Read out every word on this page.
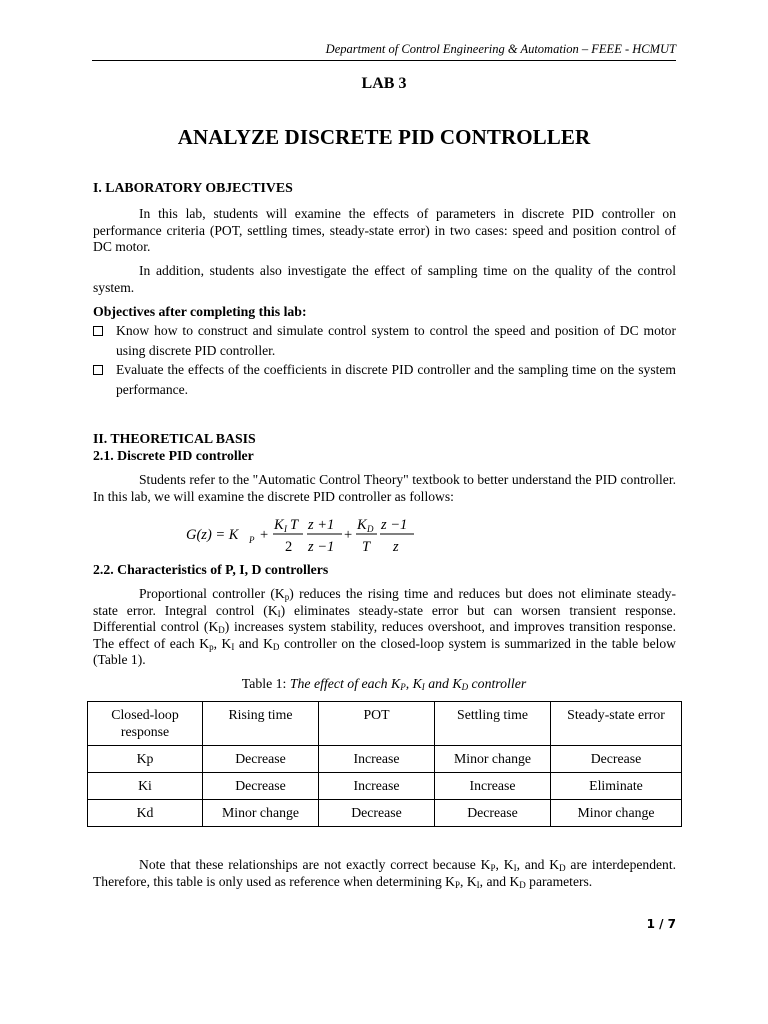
Department of Control Engineering & Automation – FEEE - HCMUT
LAB 3
ANALYZE DISCRETE PID CONTROLLER
I. LABORATORY OBJECTIVES
In this lab, students will examine the effects of parameters in discrete PID controller on performance criteria (POT, settling times, steady-state error) in two cases: speed and position control of DC motor.
In addition, students also investigate the effect of sampling time on the quality of the control system.
Objectives after completing this lab:
Know how to construct and simulate control system to control the speed and position of DC motor using discrete PID controller.
Evaluate the effects of the coefficients in discrete PID controller and the sampling time on the system performance.
II. THEORETICAL BASIS
2.1. Discrete PID controller
Students refer to the "Automatic Control Theory" textbook to better understand the PID controller. In this lab, we will examine the discrete PID controller as follows:
G(z) = K P +
K I T
2
z +1
z −1
+
K D
T
z −1
z
2.2. Characteristics of P, I, D controllers
Proportional controller $(K_p)$ reduces the rising time and reduces but does not eliminate steady-state error. Integral control $(K_I)$ eliminates steady-state error but can worsen transient response. Differential control $(K_D)$ increases system stability, reduces overshoot, and improves transition response. The effect of each $K_p$, $K_I$ and $K_D$ controller on the closed-loop system is summarized in the table below (Table 1).
Table 1: The effect of each $K_P$, $K_I$ and $K_D$ controller
Closed-loop response	Rising time	POT	Settling time	Steady-state error
Kp	Decrease	Increase	Minor change	Decrease
Ki	Decrease	Increase	Increase	Eliminate
Kd	Minor change	Decrease	Decrease	Minor change
Note that these relationships are not exactly correct because $K_P$, $K_I$, and $K_D$ are interdependent. Therefore, this table is only used as reference when determining $K_P$, $K_I$, and $K_D$ parameters.
1 / 7
